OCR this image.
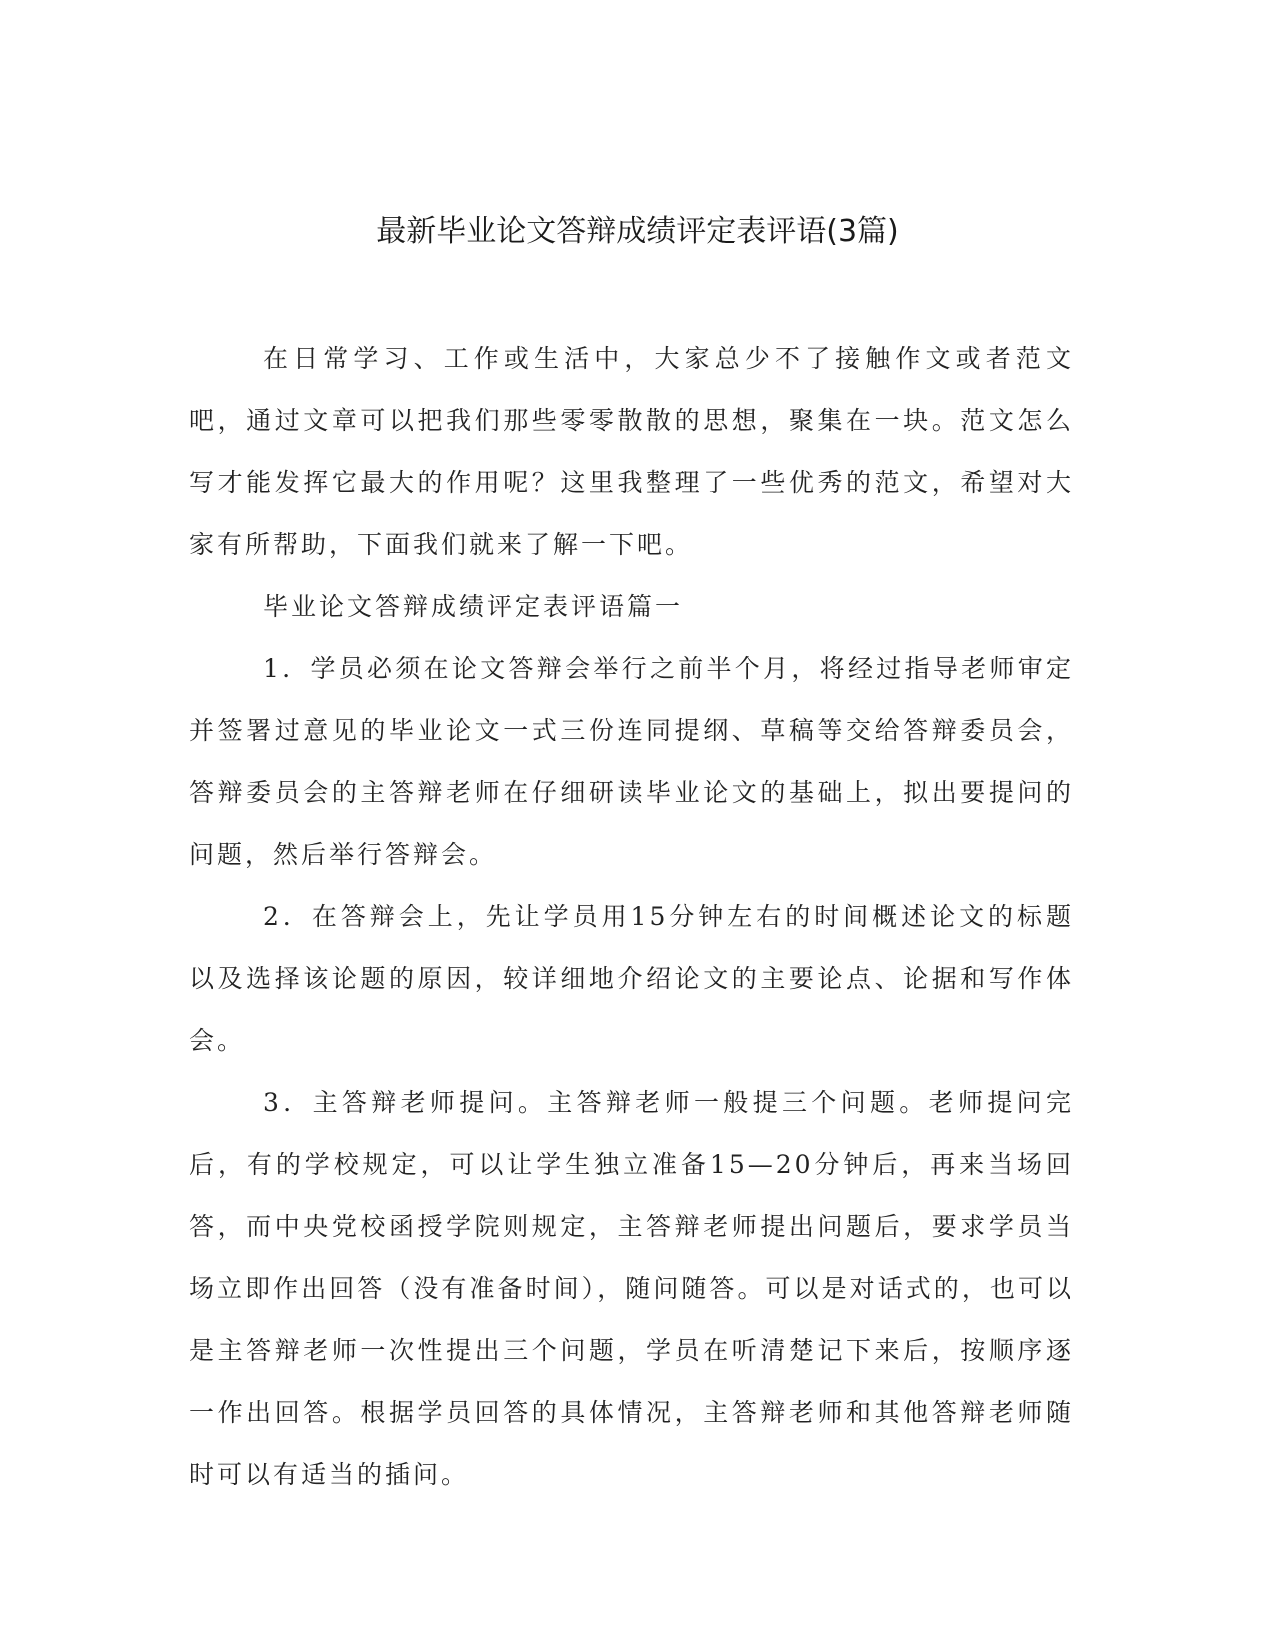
最新毕业论文答辩成绩评定表评语(3篇)

在日常学习、工作或生活中，大家总少不了接触作文或者范文吧，通过文章可以把我们那些零零散散的思想，聚集在一块。范文怎么写才能发挥它最大的作用呢？这里我整理了一些优秀的范文，希望对大家有所帮助，下面我们就来了解一下吧。

毕业论文答辩成绩评定表评语篇一

1．学员必须在论文答辩会举行之前半个月，将经过指导老师审定并签署过意见的毕业论文一式三份连同提纲、草稿等交给答辩委员会，答辩委员会的主答辩老师在仔细研读毕业论文的基础上，拟出要提问的问题，然后举行答辩会。

2．在答辩会上，先让学员用15分钟左右的时间概述论文的标题以及选择该论题的原因，较详细地介绍论文的主要论点、论据和写作体会。

3．主答辩老师提问。主答辩老师一般提三个问题。老师提问完后，有的学校规定，可以让学生独立准备15—20分钟后，再来当场回答，而中央党校函授学院则规定，主答辩老师提出问题后，要求学员当场立即作出回答（没有准备时间），随问随答。可以是对话式的，也可以是主答辩老师一次性提出三个问题，学员在听清楚记下来后，按顺序逐一作出回答。根据学员回答的具体情况，主答辩老师和其他答辩老师随时可以有适当的插问。
